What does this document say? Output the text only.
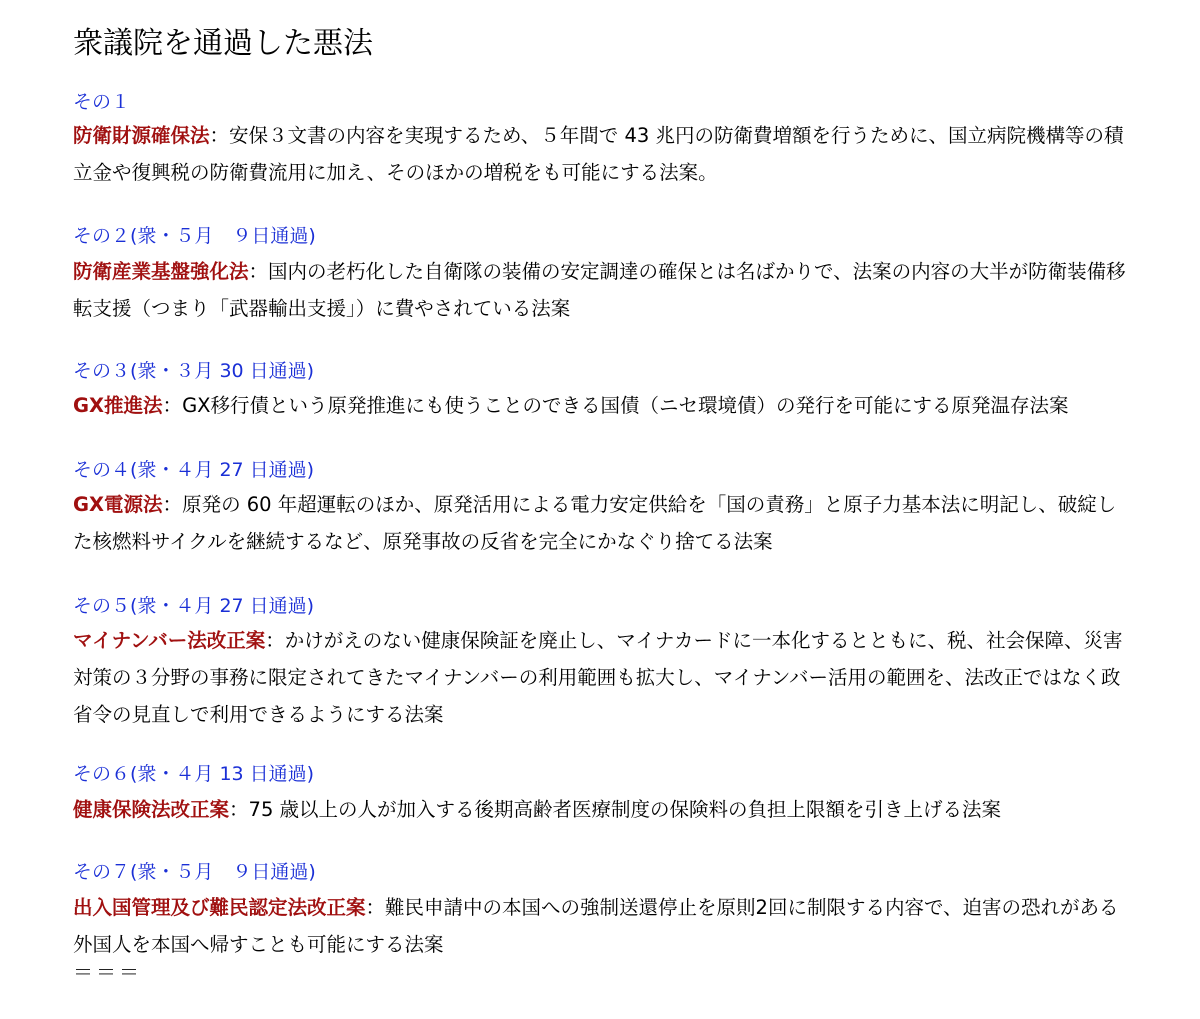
衆議院を通過した悪法
その１

防衛財源確保法：安保３文書の内容を実現するため、５年間で 43 兆円の防衛費増額を行うために、国立病院機構等の積立金や復興税の防衛費流用に加え、そのほかの増税をも可能にする法案。

その２(衆・５月　９日通過)

防衛産業基盤強化法：国内の老朽化した自衛隊の装備の安定調達の確保とは名ばかりで、法案の内容の大半が防衛装備移転支援（つまり「武器輸出支援」）に費やされている法案

その３(衆・３月 30 日通過)

GX推進法：GX移行債という原発推進にも使うことのできる国債（ニセ環境債）の発行を可能にする原発温存法案

その４(衆・４月 27 日通過)

GX電源法：原発の 60 年超運転のほか、原発活用による電力安定供給を「国の責務」と原子力基本法に明記し、破綻した核燃料サイクルを継続するなど、原発事故の反省を完全にかなぐり捨てる法案

その５(衆・４月 27 日通過)

マイナンバー法改正案：かけがえのない健康保険証を廃止し、マイナカードに一本化するとともに、税、社会保障、災害対策の３分野の事務に限定されてきたマイナンバーの利用範囲も拡大し、マイナンバー活用の範囲を、法改正ではなく政省令の見直しで利用できるようにする法案

その６(衆・４月 13 日通過)

健康保険法改正案：75 歳以上の人が加入する後期高齢者医療制度の保険料の負担上限額を引き上げる法案

その７(衆・５月　９日通過)

出入国管理及び難民認定法改正案：難民申請中の本国への強制送還停止を原則2回に制限する内容で、迫害の恐れがある外国人を本国へ帰すことも可能にする法案

＝＝＝
